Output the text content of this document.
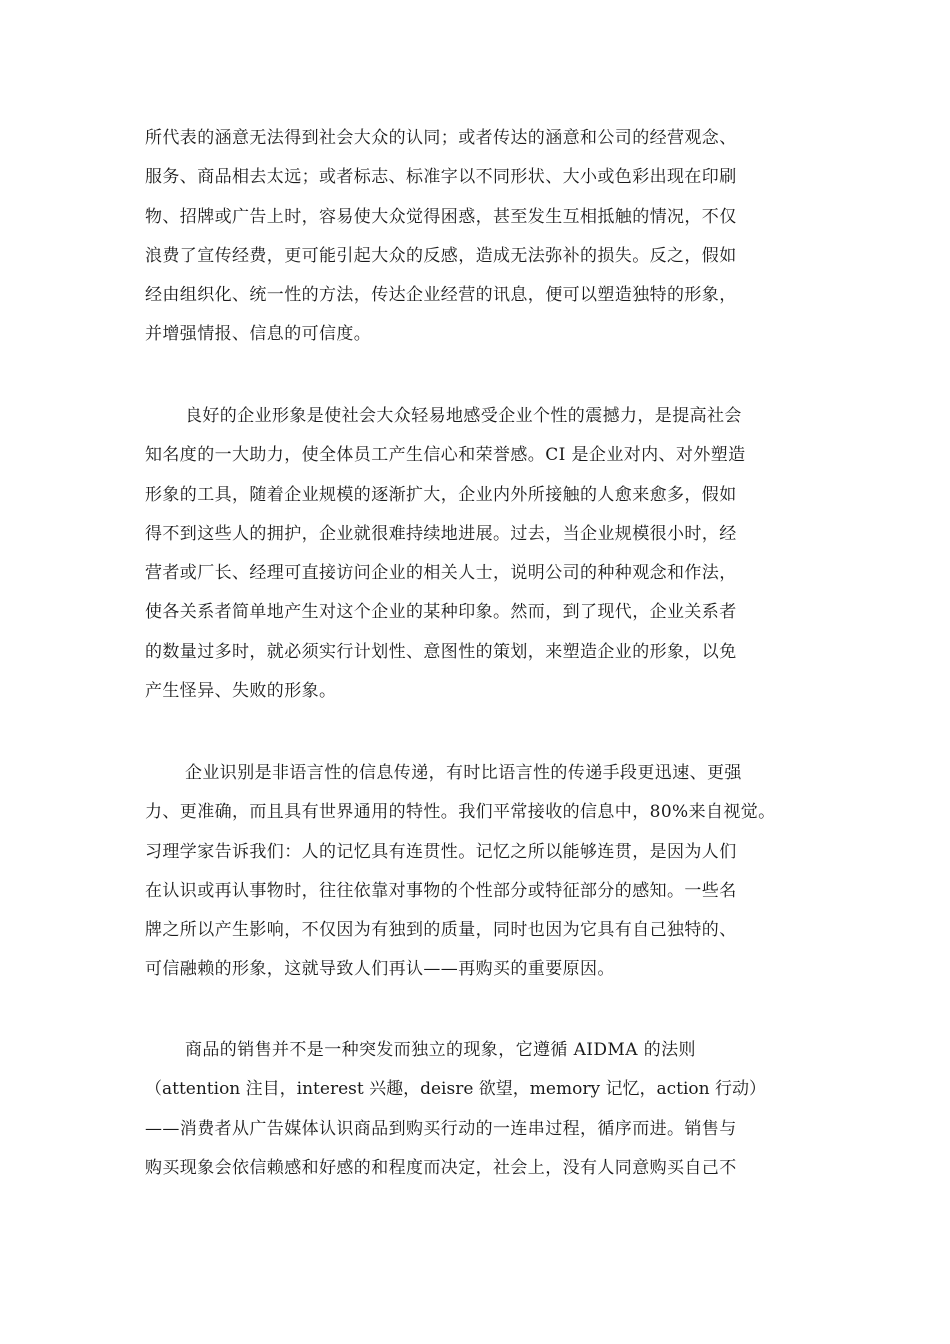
所代表的涵意无法得到社会大众的认同；或者传达的涵意和公司的经营观念、
服务、商品相去太远；或者标志、标准字以不同形状、大小或色彩出现在印刷
物、招牌或广告上时，容易使大众觉得困惑，甚至发生互相抵触的情况，不仅
浪费了宣传经费，更可能引起大众的反感，造成无法弥补的损失。反之，假如
经由组织化、统一性的方法，传达企业经营的讯息，便可以塑造独特的形象，
并增强情报、信息的可信度。
良好的企业形象是使社会大众轻易地感受企业个性的震撼力，是提高社会
知名度的一大助力，使全体员工产生信心和荣誉感。CI 是企业对内、对外塑造
形象的工具，随着企业规模的逐渐扩大，企业内外所接触的人愈来愈多，假如
得不到这些人的拥护，企业就很难持续地进展。过去，当企业规模很小时，经
营者或厂长、经理可直接访问企业的相关人士，说明公司的种种观念和作法，
使各关系者简单地产生对这个企业的某种印象。然而，到了现代，企业关系者
的数量过多时，就必须实行计划性、意图性的策划，来塑造企业的形象，以免
产生怪异、失败的形象。
企业识别是非语言性的信息传递，有时比语言性的传递手段更迅速、更强
力、更准确，而且具有世界通用的特性。我们平常接收的信息中，80%来自视觉。
习理学家告诉我们：人的记忆具有连贯性。记忆之所以能够连贯，是因为人们
在认识或再认事物时，往往依靠对事物的个性部分或特征部分的感知。一些名
牌之所以产生影响，不仅因为有独到的质量，同时也因为它具有自己独特的、
可信融赖的形象，这就导致人们再认——再购买的重要原因。
商品的销售并不是一种突发而独立的现象，它遵循 AIDMA 的法则
（attention 注目，interest 兴趣，deisre 欲望，memory 记忆，action 行动）
——消费者从广告媒体认识商品到购买行动的一连串过程，循序而进。销售与
购买现象会依信赖感和好感的和程度而决定，社会上，没有人同意购买自己不
